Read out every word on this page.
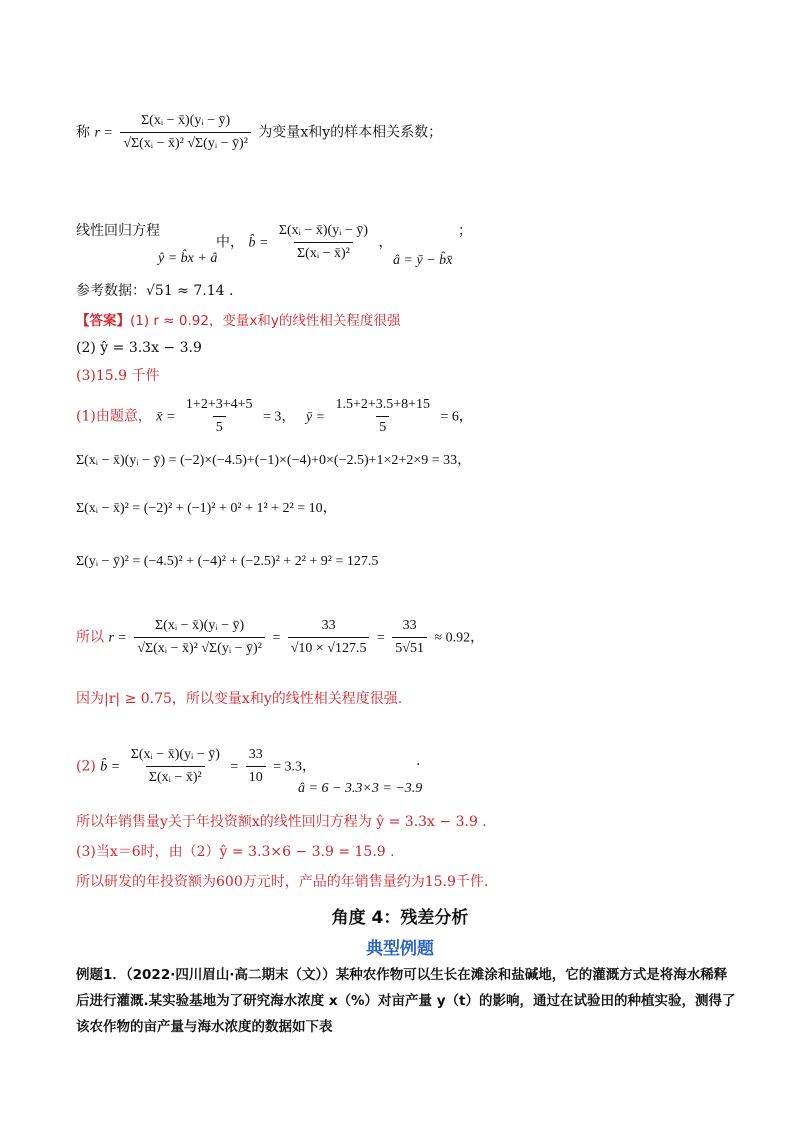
称 $r = \frac{\text{Σ(xᵢ − x̄)(yᵢ − ȳ)}}{\text{√Σ(xᵢ − x̄)² √Σ(yᵢ − ȳ)²}}$ 为变量x和y的样本相关系数；
线性回归方程
ŷ = b̂x + â
中， b̂ = $\frac{\text{Σ(xᵢ − x̄)(yᵢ − ȳ)}}{\text{Σ(xᵢ − x̄)²}}$ ，
â = ȳ − b̂x̄
；
参考数据：√51 ≈ 7.14 .
【答案】(1) r ≈ 0.92，变量x和y的线性相关程度很强
(2) ŷ = 3.3x − 3.9
(3)15.9 千件
(1)由题意， x̄ = $\frac{1+2+3+4+5}{5} = 3$， ȳ = $\frac{1.5+2+3.5+8+15}{5} = 6$，
Σ(xᵢ − x̄)(yᵢ − ȳ) = (−2)×(−4.5)+(−1)×(−4)+0×(−2.5)+1×2+2×9 = 33，
Σ(xᵢ − x̄)² = (−2)² + (−1)² + 0² + 1² + 2² = 10，
Σ(yᵢ − ȳ)² = (−4.5)² + (−4)² + (−2.5)² + 2² + 9² = 127.5
所以 $r = \frac{\text{Σ(xᵢ − x̄)(yᵢ − ȳ)}}{\text{√Σ(xᵢ − x̄)² √Σ(yᵢ − ȳ)²}} = \frac{33}{√10 \times √127.5} = \frac{33}{5√51} \approx 0.92$，
因为|r| ≥ 0.75，所以变量x和y的线性相关程度很强.
(2) b̂ = $\frac{\text{Σ(xᵢ − x̄)(yᵢ − ȳ)}}{\text{Σ(xᵢ − x̄)²}} = \frac{33}{10} = 3.3$，	.
â = 6 − 3.3×3 = −3.9
所以年销售量y关于年投资额x的线性回归方程为 ŷ = 3.3x − 3.9 .
(3)当x＝6时，由（2）ŷ = 3.3×6 − 3.9 = 15.9 .
所以研发的年投资额为600万元时，产品的年销售量约为15.9千件.
角度 4：残差分析
典型例题
例题1．（2022·四川眉山·高二期末（文））某种农作物可以生长在滩涂和盐碱地，它的灌溉方式是将海水稀释后进行灌溉.某实验基地为了研究海水浓度 x（%）对亩产量 y（t）的影响，通过在试验田的种植实验，测得了该农作物的亩产量与海水浓度的数据如下表
